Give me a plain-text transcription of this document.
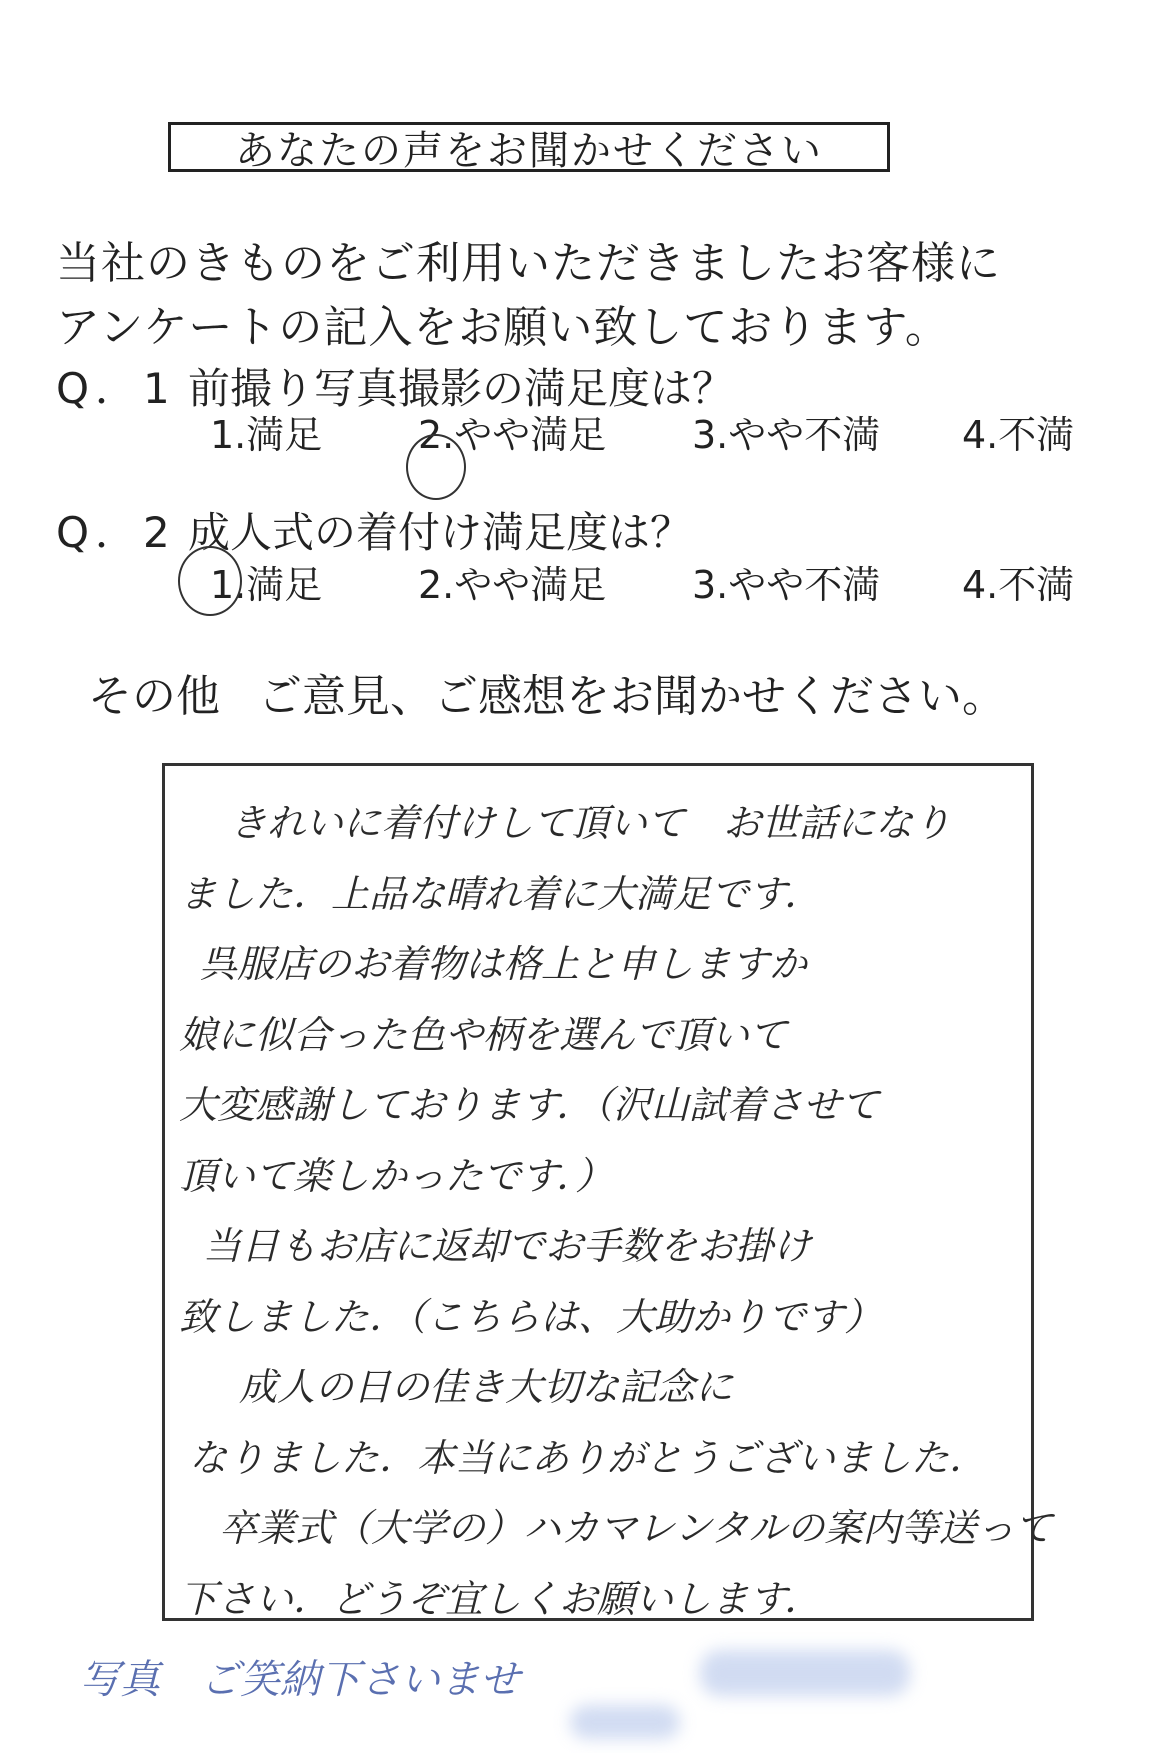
あなたの声をお聞かせください
当社のきものをご利用いただきましたお客様に
アンケートの記入をお願い致しております。
Q．1 前撮り写真撮影の満足度は？
1.満足	2.やや満足 3.やや不満 4.不満
Q．2 成人式の着付け満足度は？
1.満足	2.やや満足 3.やや不満 4.不満
その他 ご意見、ご感想をお聞かせください。
きれいに着付けして頂いて　お世話になり
ました．上品な晴れ着に大満足です．
呉服店のお着物は格上と申しますか
娘に似合った色や柄を選んで頂いて
大変感謝しております．（沢山試着させて
頂いて楽しかったです．）
当日もお店に返却でお手数をお掛け
致しました．（こちらは、大助かりです）
成人の日の佳き大切な記念に
なりました．本当にありがとうございました．
卒業式（大学の）ハカマレンタルの案内等送って
下さい．どうぞ宜しくお願いします．
写真　ご笑納下さいませ
